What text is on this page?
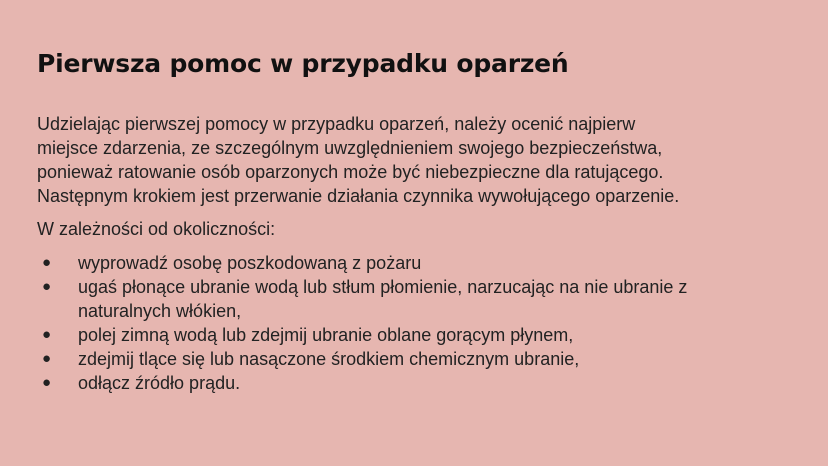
Pierwsza pomoc w przypadku oparzeń

Udzielając pierwszej pomocy w przypadku oparzeń, należy ocenić najpierw

miejsce zdarzenia, ze szczególnym uwzględnieniem swojego bezpieczeństwa,

ponieważ ratowanie osób oparzonych może być niebezpieczne dla ratującego.

Następnym krokiem jest przerwanie działania czynnika wywołującego oparzenie.

W zależności od okoliczności:

● wyprowadź osobę poszkodowaną z pożaru
● ugaś płonące ubranie wodą lub stłum płomienie, narzucając na nie ubranie z
naturalnych włókien,
● polej zimną wodą lub zdejmij ubranie oblane gorącym płynem,
● zdejmij tlące się lub nasączone środkiem chemicznym ubranie,
● odłącz źródło prądu.
